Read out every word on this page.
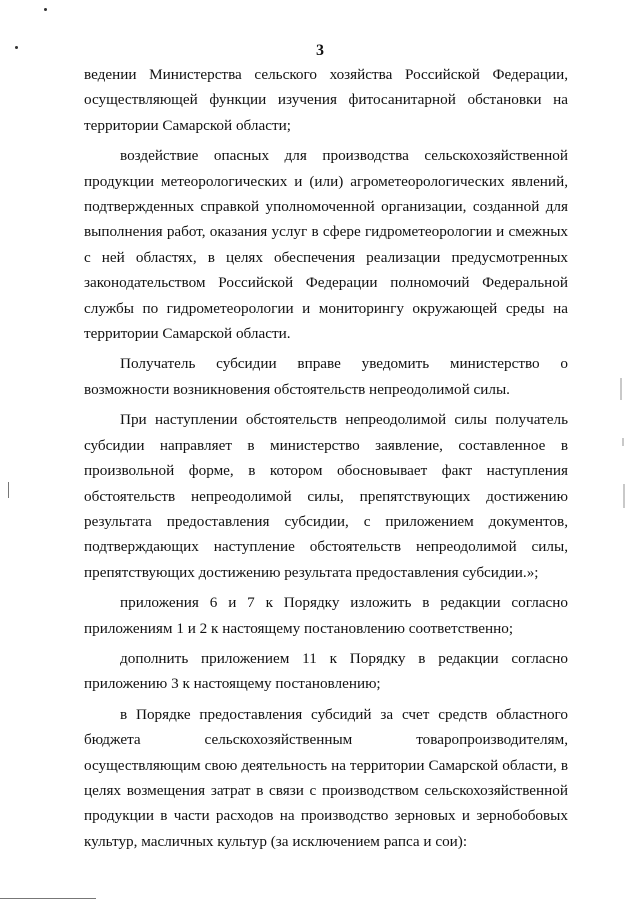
3

ведении Министерства сельского хозяйства Российской Федерации, осуществляющей функции изучения фитосанитарной обстановки на территории Самарской области;

воздействие опасных для производства сельскохозяйственной продукции метеорологических и (или) агрометеорологических явлений, подтвержденных справкой уполномоченной организации, созданной для выполнения работ, оказания услуг в сфере гидрометеорологии и смежных с ней областях, в целях обеспечения реализации предусмотренных законодательством Российской Федерации полномочий Федеральной службы по гидрометеорологии и мониторингу окружающей среды на территории Самарской области.

Получатель субсидии вправе уведомить министерство о возможности возникновения обстоятельств непреодолимой силы.

При наступлении обстоятельств непреодолимой силы получатель субсидии направляет в министерство заявление, составленное в произвольной форме, в котором обосновывает факт наступления обстоятельств непреодолимой силы, препятствующих достижению результата предоставления субсидии, с приложением документов, подтверждающих наступление обстоятельств непреодолимой силы, препятствующих достижению результата предоставления субсидии.»;

приложения 6 и 7 к Порядку изложить в редакции согласно приложениям 1 и 2 к настоящему постановлению соответственно;

дополнить приложением 11 к Порядку в редакции согласно приложению 3 к настоящему постановлению;

в Порядке предоставления субсидий за счет средств областного бюджета сельскохозяйственным товаропроизводителям, осуществляющим свою деятельность на территории Самарской области, в целях возмещения затрат в связи с производством сельскохозяйственной продукции в части расходов на производство зерновых и зернобобовых культур, масличных культур (за исключением рапса и сои):
